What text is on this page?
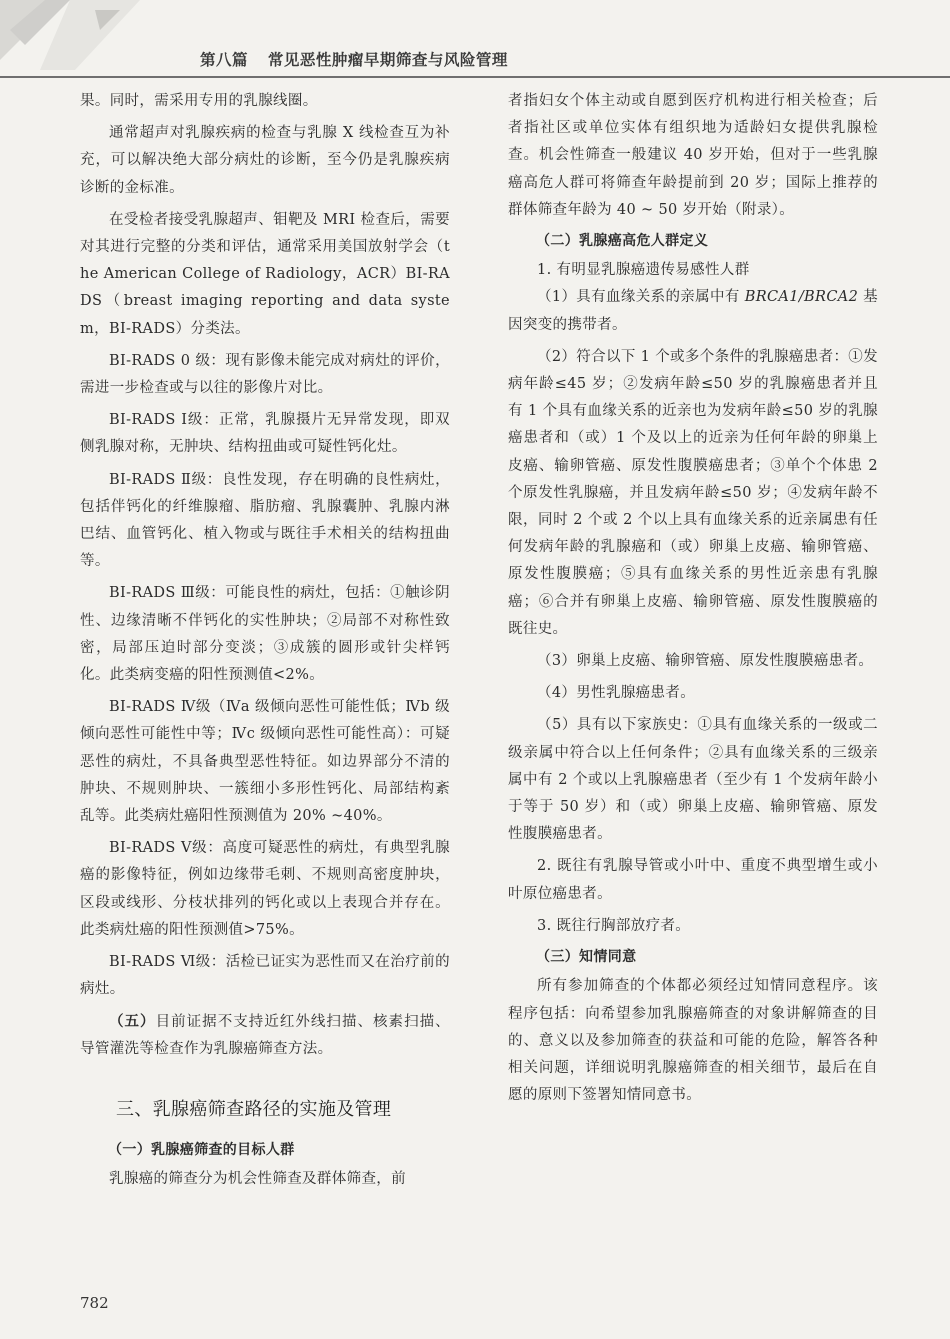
第八篇 常见恶性肿瘤早期筛查与风险管理

果。同时，需采用专用的乳腺线圈。

通常超声对乳腺疾病的检查与乳腺 X 线检查互为补充，可以解决绝大部分病灶的诊断，至今仍是乳腺疾病诊断的金标准。

在受检者接受乳腺超声、钼靶及 MRI 检查后，需要对其进行完整的分类和评估，通常采用美国放射学会（the American College of Radiology，ACR）BI-RADS（breast imaging reporting and data system，BI-RADS）分类法。

BI-RADS 0 级：现有影像未能完成对病灶的评价，需进一步检查或与以往的影像片对比。

BI-RADS Ⅰ级：正常，乳腺摄片无异常发现，即双侧乳腺对称，无肿块、结构扭曲或可疑性钙化灶。

BI-RADS Ⅱ级：良性发现，存在明确的良性病灶，包括伴钙化的纤维腺瘤、脂肪瘤、乳腺囊肿、乳腺内淋巴结、血管钙化、植入物或与既往手术相关的结构扭曲等。

BI-RADS Ⅲ级：可能良性的病灶，包括：①触诊阴性、边缘清晰不伴钙化的实性肿块；②局部不对称性致密，局部压迫时部分变淡；③成簇的圆形或针尖样钙化。此类病变癌的阳性预测值<2%。

BI-RADS Ⅳ级（Ⅳa 级倾向恶性可能性低；Ⅳb 级倾向恶性可能性中等；Ⅳc 级倾向恶性可能性高）：可疑恶性的病灶，不具备典型恶性特征。如边界部分不清的肿块、不规则肿块、一簇细小多形性钙化、局部结构紊乱等。此类病灶癌阳性预测值为 20% ~40%。

BI-RADS Ⅴ级：高度可疑恶性的病灶，有典型乳腺癌的影像特征，例如边缘带毛刺、不规则高密度肿块，区段或线形、分枝状排列的钙化或以上表现合并存在。此类病灶癌的阳性预测值>75%。

BI-RADS Ⅵ级：活检已证实为恶性而又在治疗前的病灶。

（五）目前证据不支持近红外线扫描、核素扫描、导管灌洗等检查作为乳腺癌筛查方法。

三、乳腺癌筛查路径的实施及管理
（一）乳腺癌筛查的目标人群

乳腺癌的筛查分为机会性筛查及群体筛查，前

者指妇女个体主动或自愿到医疗机构进行相关检查；后者指社区或单位实体有组织地为适龄妇女提供乳腺检查。机会性筛查一般建议 40 岁开始，但对于一些乳腺癌高危人群可将筛查年龄提前到 20 岁；国际上推荐的群体筛查年龄为 40 ~ 50 岁开始（附录）。

（二）乳腺癌高危人群定义

1. 有明显乳腺癌遗传易感性人群

（1）具有血缘关系的亲属中有 BRCA1/BRCA2 基因突变的携带者。

（2）符合以下 1 个或多个条件的乳腺癌患者：①发病年龄≤45 岁；②发病年龄≤50 岁的乳腺癌患者并且有 1 个具有血缘关系的近亲也为发病年龄≤50 岁的乳腺癌患者和（或）1 个及以上的近亲为任何年龄的卵巢上皮癌、输卵管癌、原发性腹膜癌患者；③单个个体患 2 个原发性乳腺癌，并且发病年龄≤50 岁；④发病年龄不限，同时 2 个或 2 个以上具有血缘关系的近亲属患有任何发病年龄的乳腺癌和（或）卵巢上皮癌、输卵管癌、原发性腹膜癌；⑤具有血缘关系的男性近亲患有乳腺癌；⑥合并有卵巢上皮癌、输卵管癌、原发性腹膜癌的既往史。

（3）卵巢上皮癌、输卵管癌、原发性腹膜癌患者。

（4）男性乳腺癌患者。

（5）具有以下家族史：①具有血缘关系的一级或二级亲属中符合以上任何条件；②具有血缘关系的三级亲属中有 2 个或以上乳腺癌患者（至少有 1 个发病年龄小于等于 50 岁）和（或）卵巢上皮癌、输卵管癌、原发性腹膜癌患者。

2. 既往有乳腺导管或小叶中、重度不典型增生或小叶原位癌患者。

3. 既往行胸部放疗者。

（三）知情同意

所有参加筛查的个体都必须经过知情同意程序。该程序包括：向希望参加乳腺癌筛查的对象讲解筛查的目的、意义以及参加筛查的获益和可能的危险，解答各种相关问题，详细说明乳腺癌筛查的相关细节，最后在自愿的原则下签署知情同意书。

782
